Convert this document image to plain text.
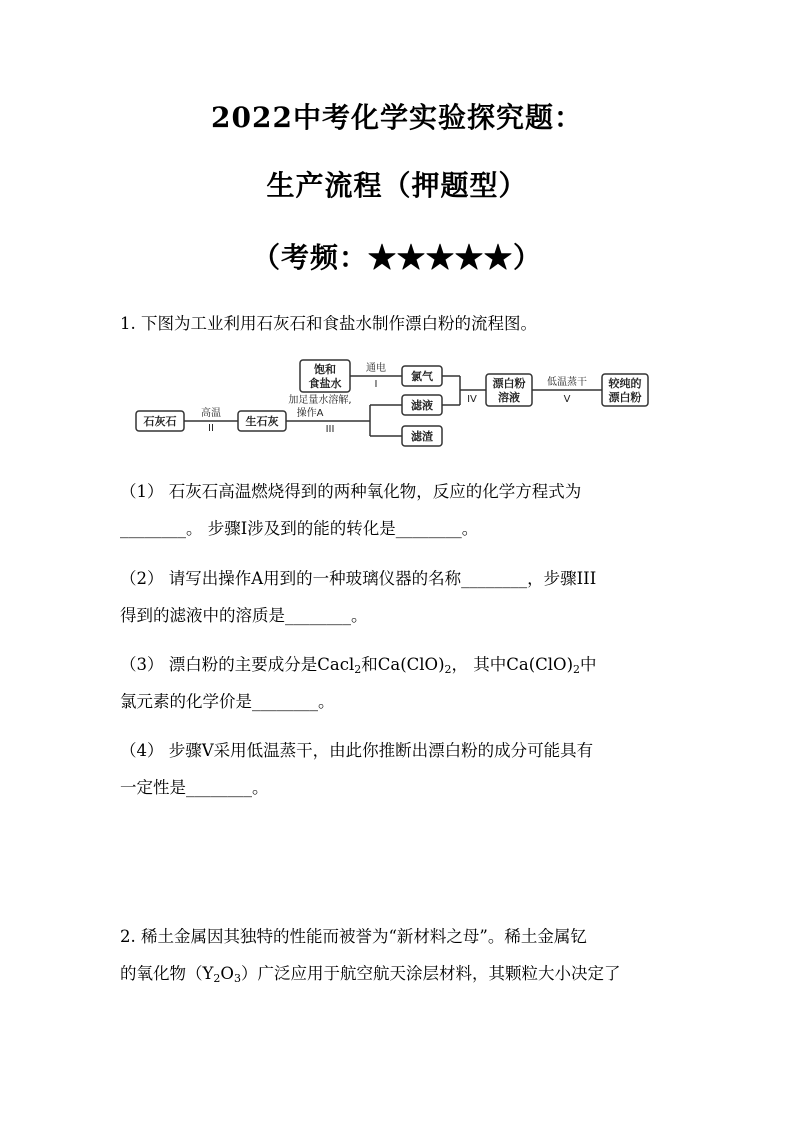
2022中考化学实验探究题：
生产流程（押题型）
（考频：★★★★★）
1. 下图为工业利用石灰石和食盐水制作漂白粉的流程图。
石灰石	生石灰
饱和
食盐水
氯气
滤液
滤渣
漂白粉
溶液
较纯的
漂白粉
高温
II
通电
I
加足量水溶解,
操作A
III
IV
低温蒸干
V
（1） 石灰石高温燃烧得到的两种氧化物，反应的化学方程式为
________。 步骤Ⅰ涉及到的能的转化是________。
（2） 请写出操作A用到的一种玻璃仪器的名称________，步骤III
得到的滤液中的溶质是________。
（3） 漂白粉的主要成分是Cacl$_2$和$Ca(ClO)_2$， 其中$Ca(ClO)_2$中
氯元素的化学价是________。
（4） 步骤V采用低温蒸干，由此你推断出漂白粉的成分可能具有
一定性是________。
2. 稀土金属因其独特的性能而被誉为“新材料之母”。稀土金属钇
的氧化物$(Y_2O_3)$广泛应用于航空航天涂层材料，其颗粒大小决定了
